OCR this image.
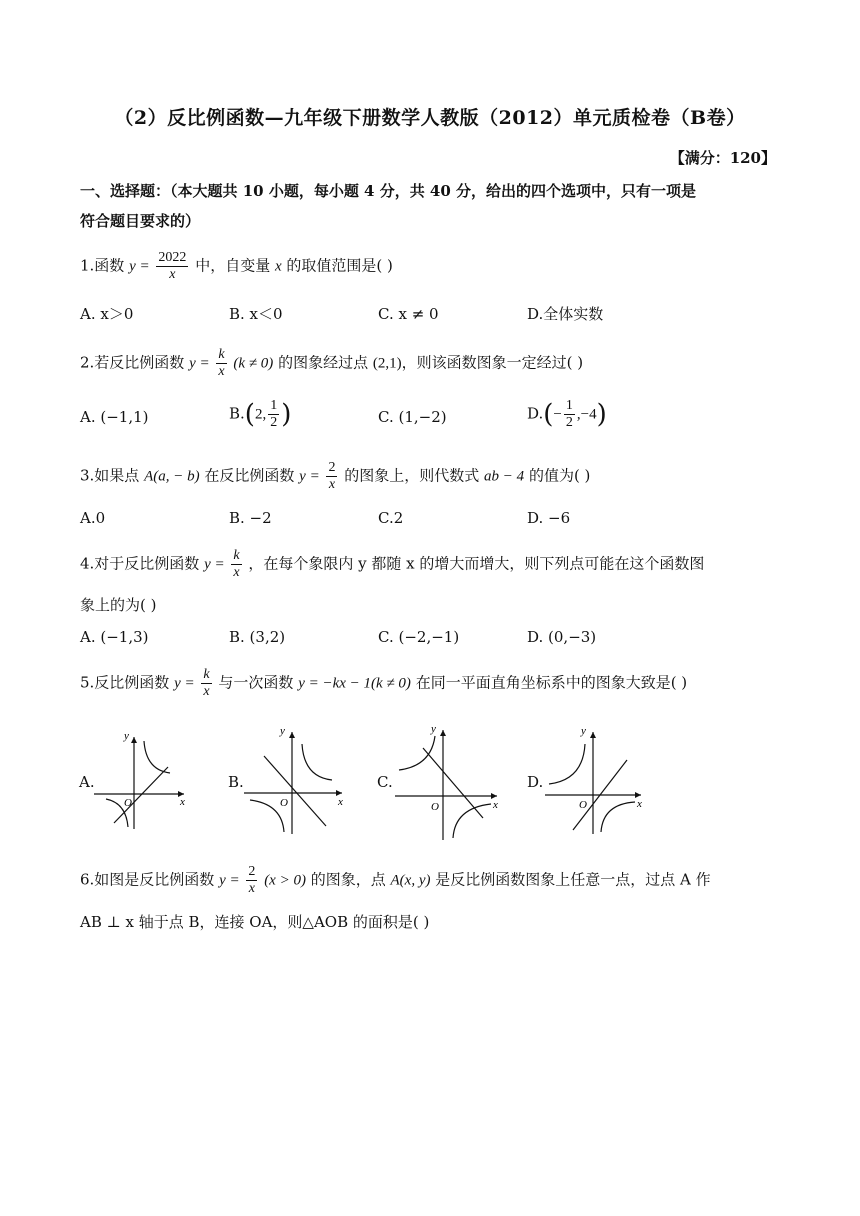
（2）反比例函数—九年级下册数学人教版（2012）单元质检卷（B卷）
【满分：120】
一、选择题：（本大题共 10 小题，每小题 4 分，共 40 分，给出的四个选项中，只有一项是
符合题目要求的）
1.函数 $y = \frac{2022}{x}$ 中，自变量 x 的取值范围是( )
A. x＞0	B. x＜0	C. x ≠ 0	D.全体实数
2.若反比例函数 $y = \frac{k}{x} (k \ne 0)$ 的图象经过点 (2,1)，则该函数图象一定经过( )
A. (−1,1)	B.(2, $\frac{1}{2}$ )	C. (1,−2)	$D.(- \frac{1}{2} ,-4)$
3.如果点 A(a, − b) 在反比例函数 $y = \frac{2}{x}$ 的图象上，则代数式 ab − 4 的值为( )
A.0	B. −2	C.2	D. −6
4.对于反比例函数 $y = \frac{k}{x}$ ，在每个象限内 y 都随 x 的增大而增大，则下列点可能在这个函数图
象上的为( )
A. (−1,3)	B. (3,2)	C. (−2,−1)	D. (0,−3)
5.反比例函数 $y = \frac{k}{x}$ 与一次函数 y = −kx − 1(k ≠ 0) 在同一平面直角坐标系中的图象大致是( )
A.	B.	C.	D.
y
x
O
y
x
O
y
x
O
y
x
O
6.如图是反比例函数 $y = \frac{2}{x} (x > 0)$ 的图象，点 A(x, y) 是反比例函数图象上任意一点，过点 A 作
AB ⊥ x 轴于点 B，连接 OA，则△AOB 的面积是( )
